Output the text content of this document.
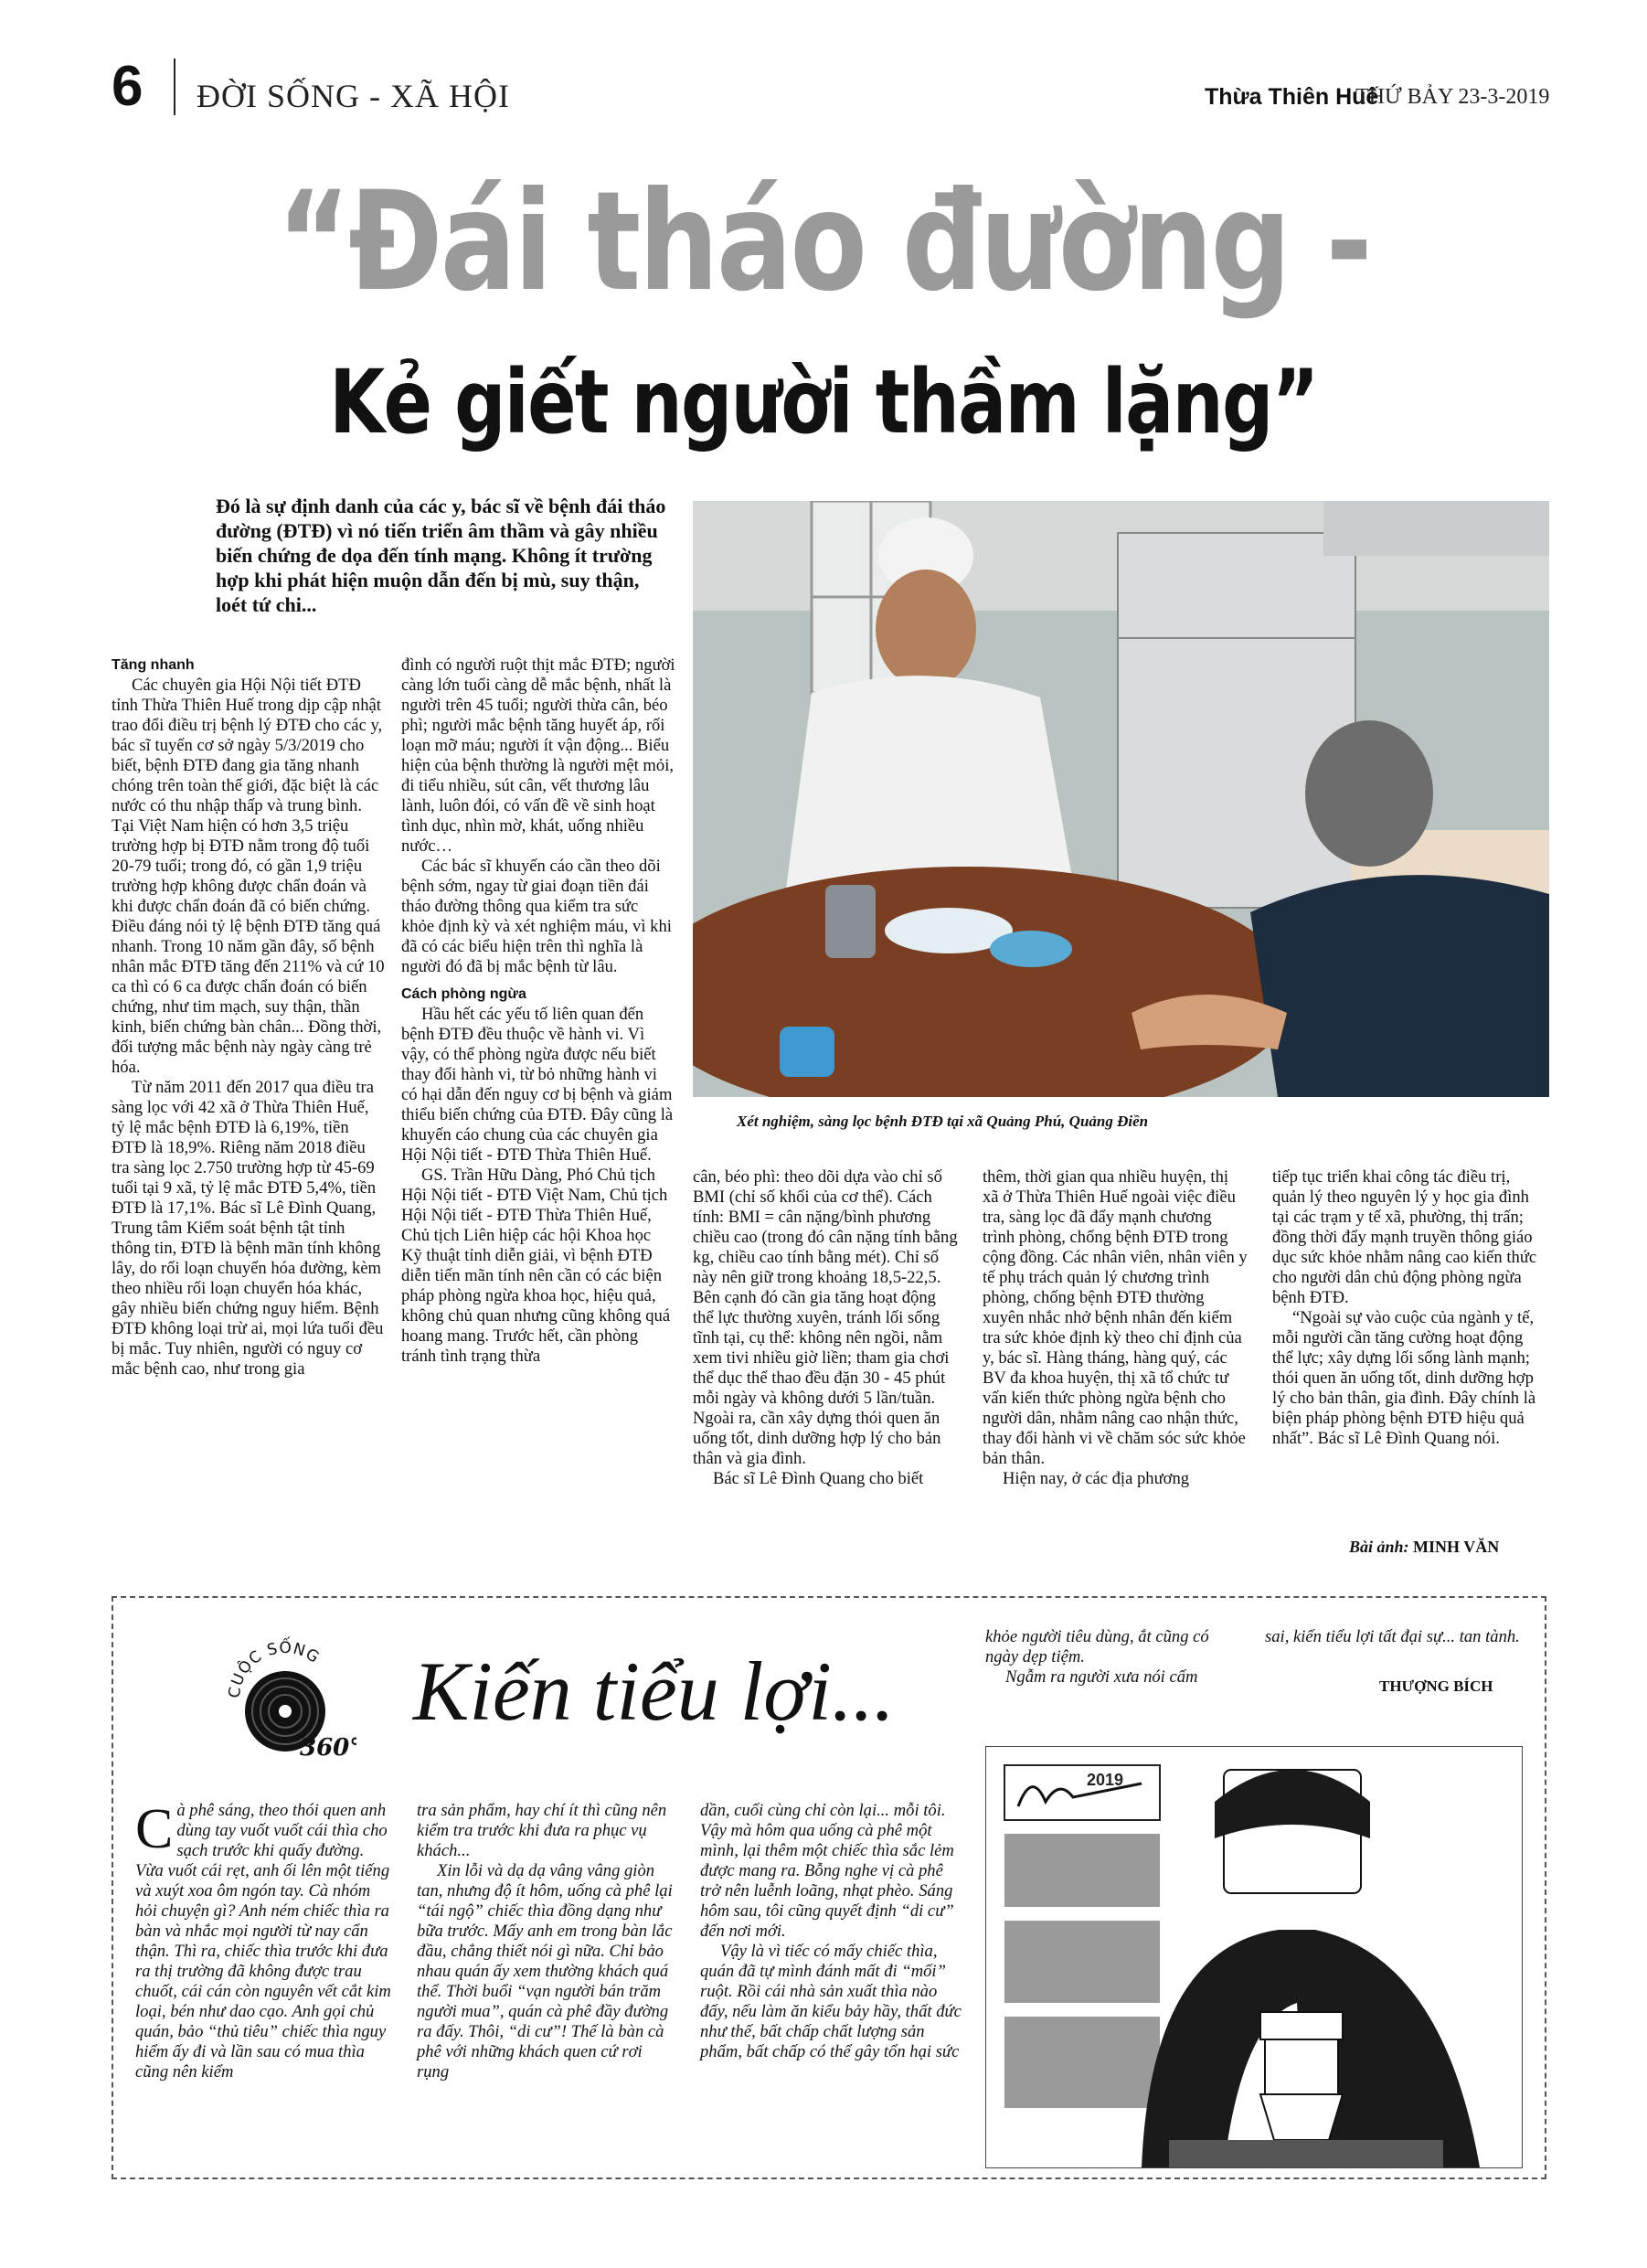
6 ĐỜI SỐNG - XÃ HỘI	Thừa Thiên Huế
THỨ BẢY 23-3-2019
“Đái tháo đường -
Kẻ giết người thầm lặng”
Đó là sự định danh của các y, bác sĩ về bệnh đái tháo đường (ĐTĐ) vì nó tiến triển âm thầm và gây nhiều biến chứng đe dọa đến tính mạng. Không ít trường hợp khi phát hiện muộn dẫn đến bị mù, suy thận, loét tứ chi...
Xét nghiệm, sàng lọc bệnh ĐTĐ tại xã Quảng Phú, Quảng Điền

Tăng nhanh

Các chuyên gia Hội Nội tiết ĐTĐ tỉnh Thừa Thiên Huế trong dịp cập nhật trao đổi điều trị bệnh lý ĐTĐ cho các y, bác sĩ tuyến cơ sở ngày 5/3/2019 cho biết, bệnh ĐTĐ đang gia tăng nhanh chóng trên toàn thế giới, đặc biệt là các nước có thu nhập thấp và trung bình. Tại Việt Nam hiện có hơn 3,5 triệu trường hợp bị ĐTĐ nằm trong độ tuổi 20-79 tuổi; trong đó, có gần 1,9 triệu trường hợp không được chẩn đoán và khi được chẩn đoán đã có biến chứng. Điều đáng nói tỷ lệ bệnh ĐTĐ tăng quá nhanh. Trong 10 năm gần đây, số bệnh nhân mắc ĐTĐ tăng đến 211% và cứ 10 ca thì có 6 ca được chẩn đoán có biến chứng, như tim mạch, suy thận, thần kinh, biến chứng bàn chân... Đồng thời, đối tượng mắc bệnh này ngày càng trẻ hóa.

Từ năm 2011 đến 2017 qua điều tra sàng lọc với 42 xã ở Thừa Thiên Huế, tỷ lệ mắc bệnh ĐTĐ là 6,19%, tiền ĐTĐ là 18,9%. Riêng năm 2018 điều tra sàng lọc 2.750 trường hợp từ 45-69 tuổi tại 9 xã, tỷ lệ mắc ĐTĐ 5,4%, tiền ĐTĐ là 17,1%. Bác sĩ Lê Đình Quang, Trung tâm Kiểm soát bệnh tật tỉnh thông tin, ĐTĐ là bệnh mãn tính không lây, do rối loạn chuyển hóa đường, kèm theo nhiều rối loạn chuyển hóa khác, gây nhiều biến chứng nguy hiểm. Bệnh ĐTĐ không loại trừ ai, mọi lứa tuổi đều bị mắc. Tuy nhiên, người có nguy cơ mắc bệnh cao, như trong gia

đình có người ruột thịt mắc ĐTĐ; người càng lớn tuổi càng dễ mắc bệnh, nhất là người trên 45 tuổi; người thừa cân, béo phì; người mắc bệnh tăng huyết áp, rối loạn mỡ máu; người ít vận động... Biểu hiện của bệnh thường là người mệt mỏi, đi tiểu nhiều, sút cân, vết thương lâu lành, luôn đói, có vấn đề về sinh hoạt tình dục, nhìn mờ, khát, uống nhiều nước…

Các bác sĩ khuyến cáo cần theo dõi bệnh sớm, ngay từ giai đoạn tiền đái tháo đường thông qua kiểm tra sức khỏe định kỳ và xét nghiệm máu, vì khi đã có các biểu hiện trên thì nghĩa là người đó đã bị mắc bệnh từ lâu.

Cách phòng ngừa

Hầu hết các yếu tố liên quan đến bệnh ĐTĐ đều thuộc về hành vi. Vì vậy, có thể phòng ngừa được nếu biết thay đổi hành vi, từ bỏ những hành vi có hại dẫn đến nguy cơ bị bệnh và giảm thiểu biến chứng của ĐTĐ. Đây cũng là khuyến cáo chung của các chuyên gia Hội Nội tiết - ĐTĐ Thừa Thiên Huế.

GS. Trần Hữu Dàng, Phó Chủ tịch Hội Nội tiết - ĐTĐ Việt Nam, Chủ tịch Hội Nội tiết - ĐTĐ Thừa Thiên Huế, Chủ tịch Liên hiệp các hội Khoa học Kỹ thuật tỉnh diễn giải, vì bệnh ĐTĐ diễn tiến mãn tính nên cần có các biện pháp phòng ngừa khoa học, hiệu quả, không chủ quan nhưng cũng không quá hoang mang. Trước hết, cần phòng tránh tình trạng thừa

cân, béo phì: theo dõi dựa vào chỉ số BMI (chỉ số khối của cơ thể). Cách tính: BMI = cân nặng/bình phương chiều cao (trong đó cân nặng tính bằng kg, chiều cao tính bằng mét). Chỉ số này nên giữ trong khoảng 18,5-22,5. Bên cạnh đó cần gia tăng hoạt động thể lực thường xuyên, tránh lối sống tĩnh tại, cụ thể: không nên ngồi, nằm xem tivi nhiều giờ liền; tham gia chơi thể dục thể thao đều đặn 30 - 45 phút mỗi ngày và không dưới 5 lần/tuần. Ngoài ra, cần xây dựng thói quen ăn uống tốt, dinh dưỡng hợp lý cho bản thân và gia đình.

Bác sĩ Lê Đình Quang cho biết

thêm, thời gian qua nhiều huyện, thị xã ở Thừa Thiên Huế ngoài việc điều tra, sàng lọc đã đẩy mạnh chương trình phòng, chống bệnh ĐTĐ trong cộng đồng. Các nhân viên, nhân viên y tế phụ trách quản lý chương trình phòng, chống bệnh ĐTĐ thường xuyên nhắc nhở bệnh nhân đến kiểm tra sức khỏe định kỳ theo chỉ định của y, bác sĩ. Hàng tháng, hàng quý, các BV đa khoa huyện, thị xã tổ chức tư vấn kiến thức phòng ngừa bệnh cho người dân, nhằm nâng cao nhận thức, thay đổi hành vi về chăm sóc sức khỏe bản thân.

Hiện nay, ở các địa phương

tiếp tục triển khai công tác điều trị, quản lý theo nguyên lý y học gia đình tại các trạm y tế xã, phường, thị trấn; đồng thời đẩy mạnh truyền thông giáo dục sức khỏe nhằm nâng cao kiến thức cho người dân chủ động phòng ngừa bệnh ĐTĐ.

“Ngoài sự vào cuộc của ngành y tế, mỗi người cần tăng cường hoạt động thể lực; xây dựng lối sống lành mạnh; thói quen ăn uống tốt, dinh dưỡng hợp lý cho bản thân, gia đình. Đây chính là biện pháp phòng bệnh ĐTĐ hiệu quả nhất”. Bác sĩ Lê Đình Quang nói.

Bài ảnh: MINH VĂN
CUỘC SỐNG
360°
Kiến tiểu lợi...

Cà phê sáng, theo thói quen anh dùng tay vuốt vuốt cái thìa cho sạch trước khi quấy đường. Vừa vuốt cái rẹt, anh ối lên một tiếng và xuýt xoa ôm ngón tay. Cà nhóm hỏi chuyện gì? Anh ném chiếc thìa ra bàn và nhắc mọi người từ nay cẩn thận. Thì ra, chiếc thìa trước khi đưa ra thị trường đã không được trau chuốt, cái cán còn nguyên vết cắt kim loại, bén như dao cạo. Anh gọi chủ quán, bảo “thủ tiêu” chiếc thìa nguy hiểm ấy đi và lần sau có mua thìa cũng nên kiểm

tra sản phẩm, hay chí ít thì cũng nên kiểm tra trước khi đưa ra phục vụ khách...

Xin lỗi và dạ dạ vâng vâng giòn tan, nhưng độ ít hôm, uống cà phê lại “tái ngộ” chiếc thìa đồng dạng như bữa trước. Mấy anh em trong bàn lắc đầu, chẳng thiết nói gì nữa. Chỉ bảo nhau quán ấy xem thường khách quá thể. Thời buổi “vạn người bán trăm người mua”, quán cà phê đầy đường ra đấy. Thôi, “di cư”! Thế là bàn cà phê với những khách quen cứ rơi rụng

dần, cuối cùng chỉ còn lại... mỗi tôi. Vậy mà hôm qua uống cà phê một mình, lại thêm một chiếc thìa sắc lẻm được mang ra. Bỗng nghe vị cà phê trở nên luễnh loãng, nhạt phèo. Sáng hôm sau, tôi cũng quyết định “di cư” đến nơi mới.

Vậy là vì tiếc có mấy chiếc thìa, quán đã tự mình đánh mất đi “mối” ruột. Rồi cái nhà sản xuất thìa nào đấy, nếu làm ăn kiểu bảy hầy, thất đức như thế, bất chấp chất lượng sản phẩm, bất chấp có thể gây tổn hại sức

khỏe người tiêu dùng, ắt cũng có ngày dẹp tiệm.

Ngẫm ra người xưa nói cấm

sai, kiến tiểu lợi tất đại sự... tan tành.

THƯỢNG BÍCH
2019
